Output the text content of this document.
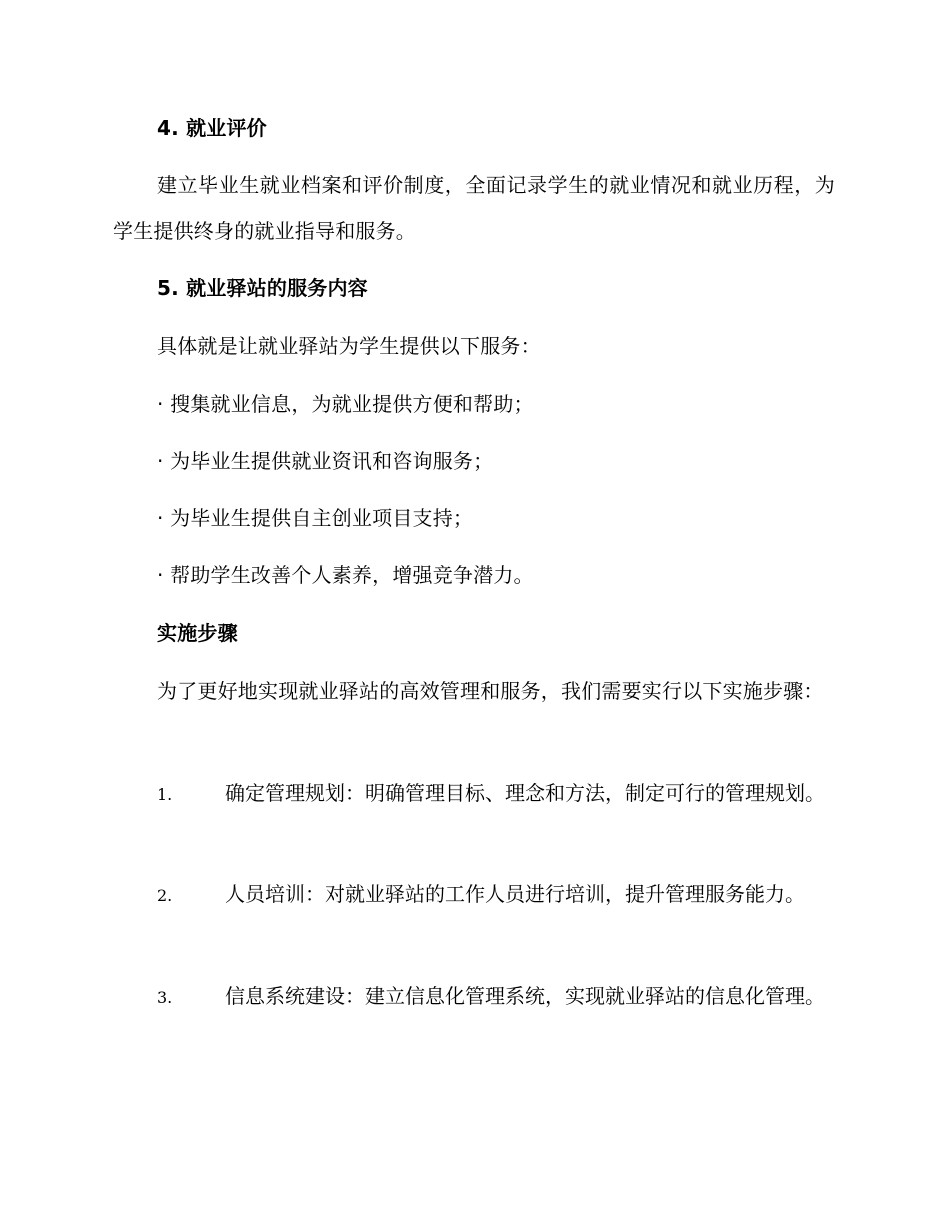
4. 就业评价
建立毕业生就业档案和评价制度，全面记录学生的就业情况和就业历程，为学生提供终身的就业指导和服务。
5. 就业驿站的服务内容
具体就是让就业驿站为学生提供以下服务：
· 搜集就业信息，为就业提供方便和帮助；
· 为毕业生提供就业资讯和咨询服务；
· 为毕业生提供自主创业项目支持；
· 帮助学生改善个人素养，增强竞争潜力。
实施步骤
为了更好地实现就业驿站的高效管理和服务，我们需要实行以下实施步骤：
1.	确定管理规划：明确管理目标、理念和方法，制定可行的管理规划。
2.	人员培训：对就业驿站的工作人员进行培训，提升管理服务能力。
3.	信息系统建设：建立信息化管理系统，实现就业驿站的信息化管理。
